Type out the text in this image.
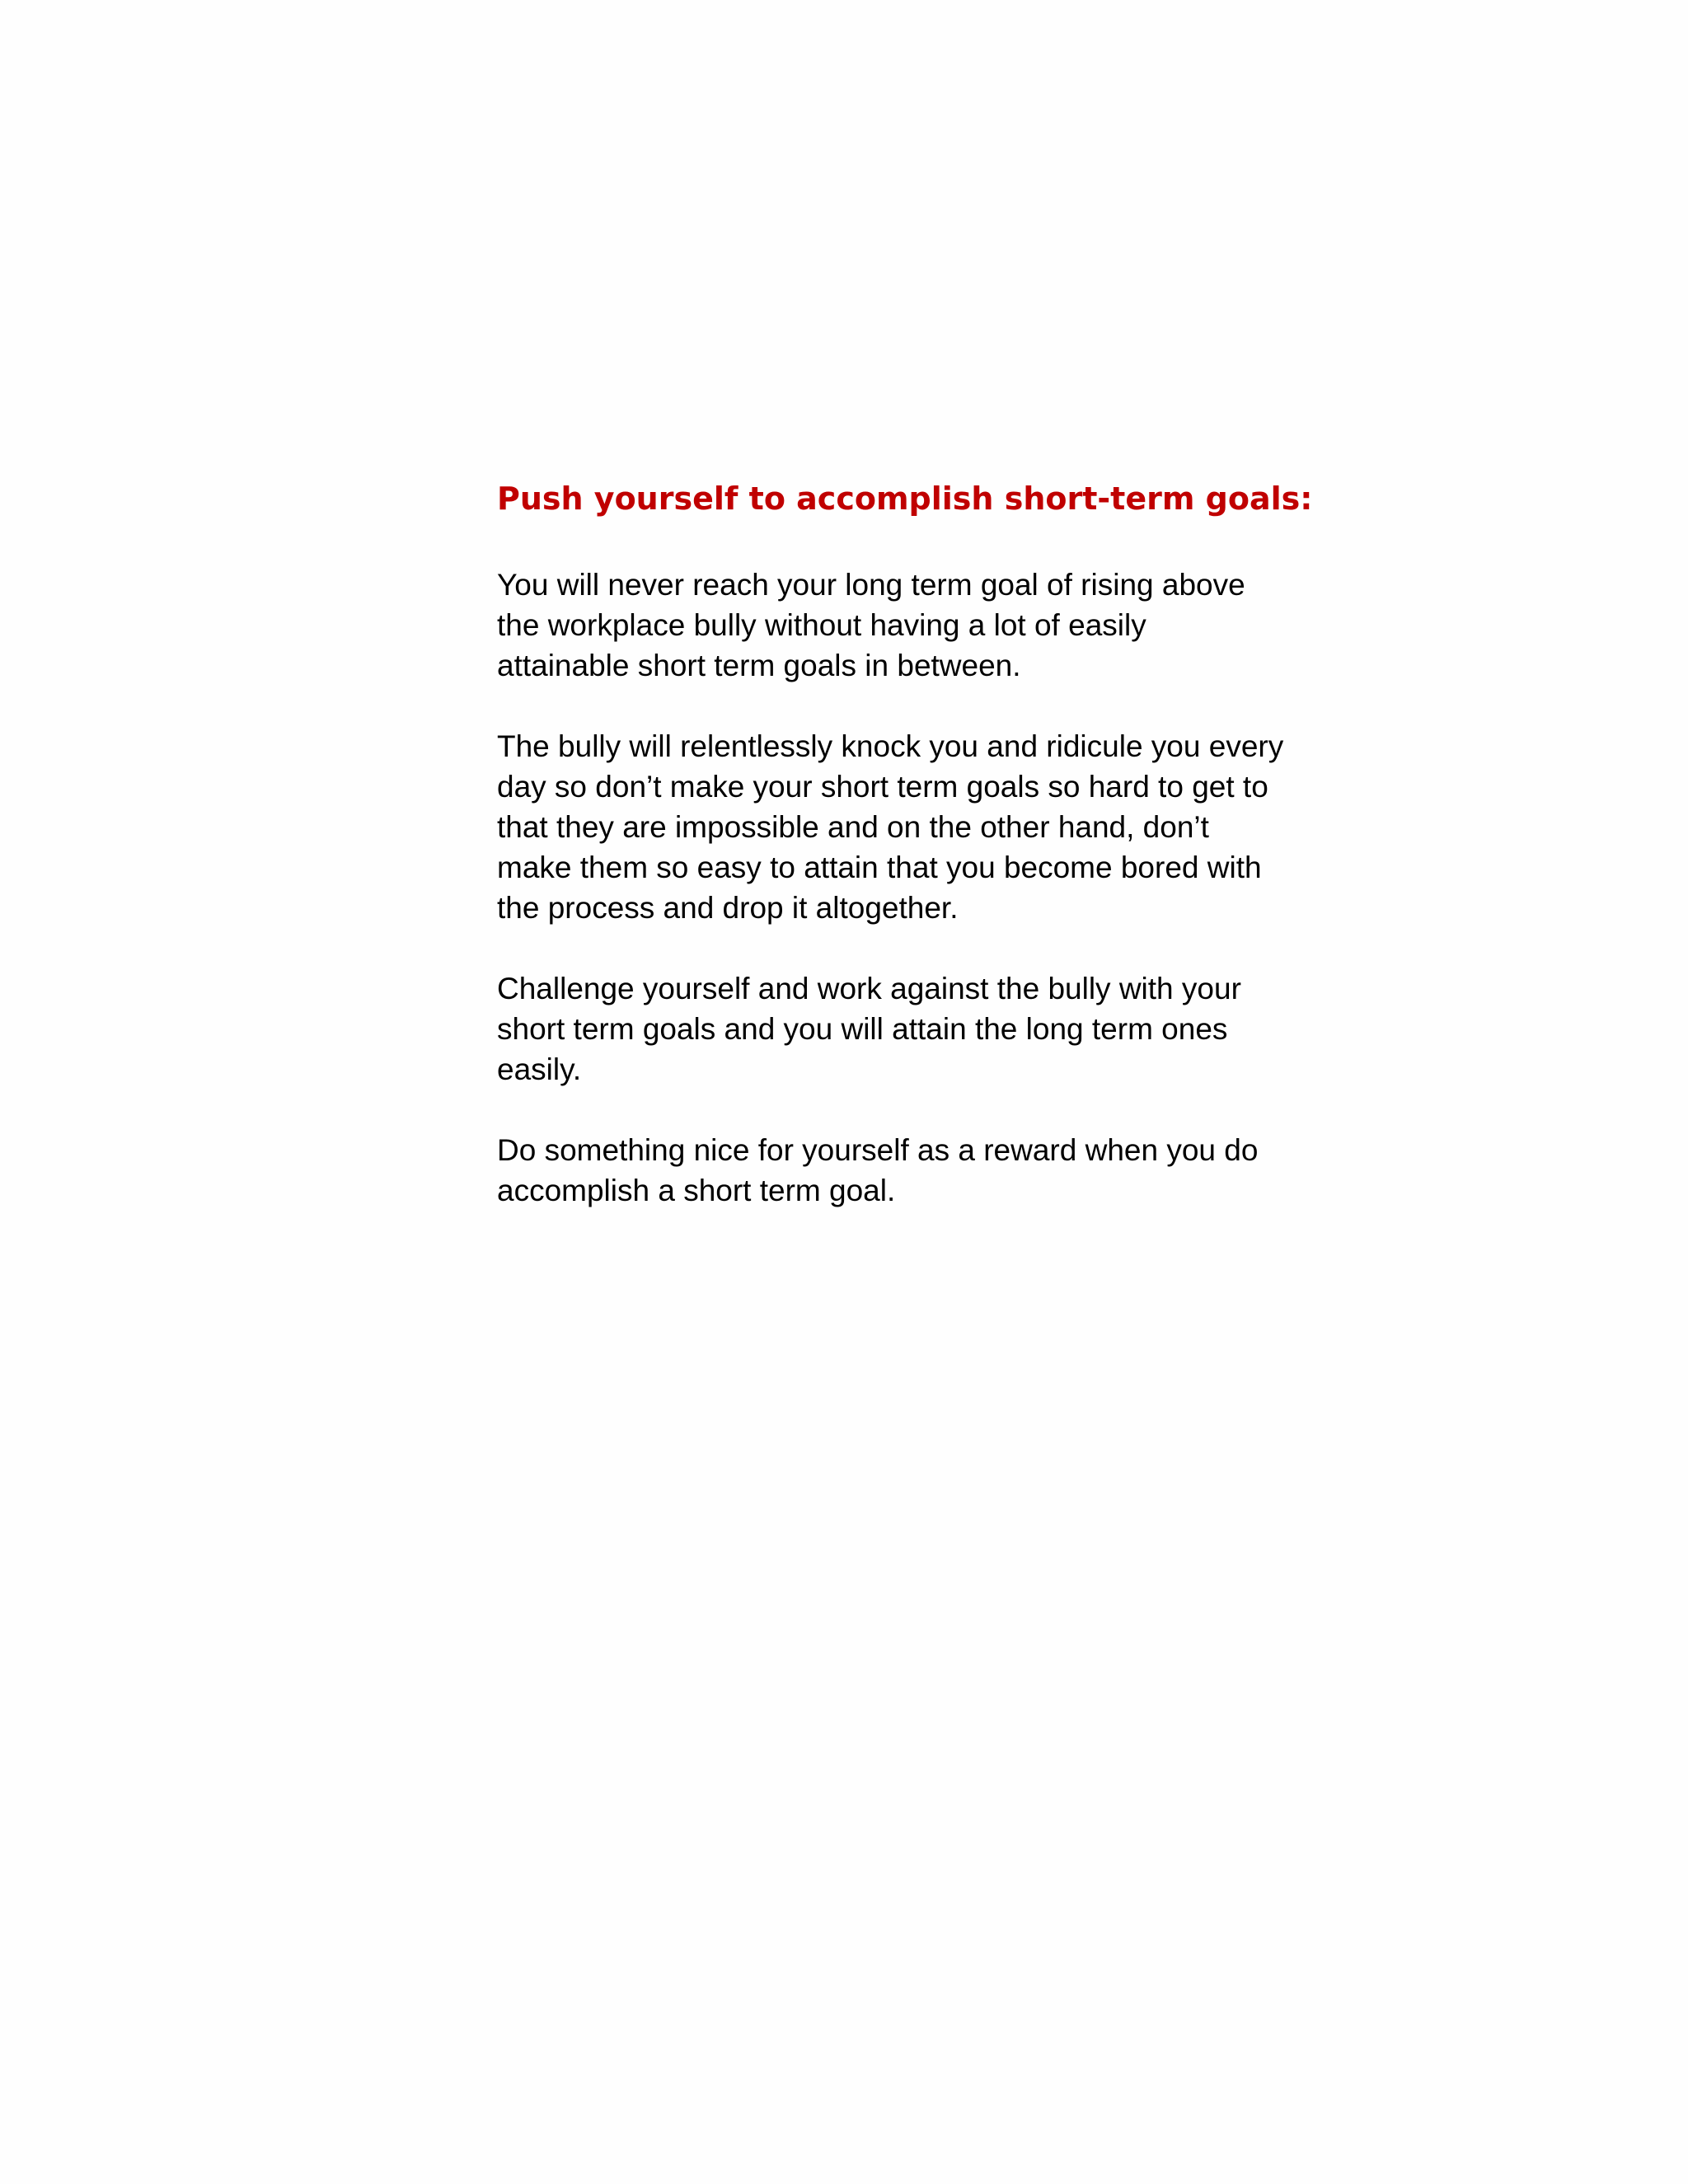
Push yourself to accomplish short-term goals:

You will never reach your long term goal of rising above
the workplace bully without having a lot of easily
attainable short term goals in between.

The bully will relentlessly knock you and ridicule you every
day so don’t make your short term goals so hard to get to
that they are impossible and on the other hand, don’t
make them so easy to attain that you become bored with
the process and drop it altogether.

Challenge yourself and work against the bully with your
short term goals and you will attain the long term ones
easily.

Do something nice for yourself as a reward when you do
accomplish a short term goal.
